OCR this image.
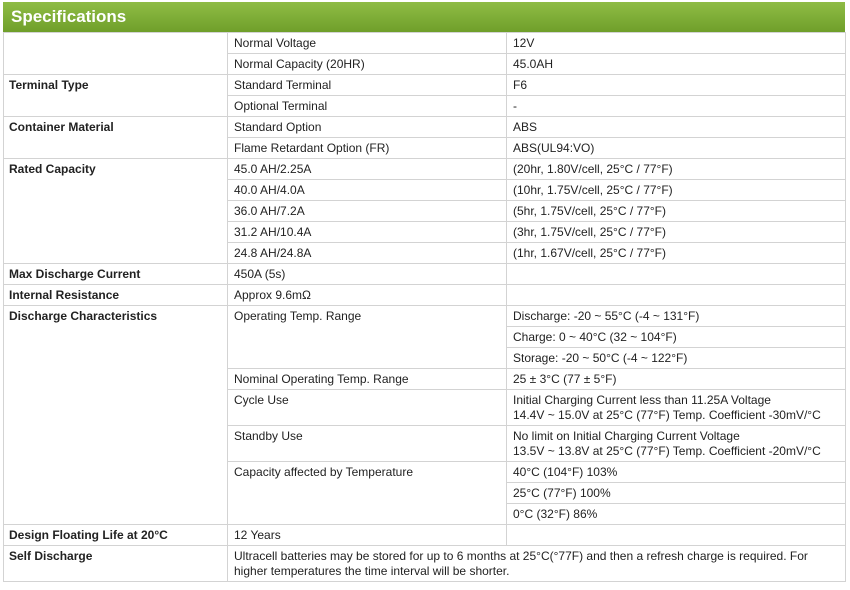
Specifications
	Normal Voltage	12V
	Normal Capacity (20HR)	45.0AH
Terminal Type	Standard Terminal	F6
	Optional Terminal	-
Container Material	Standard Option	ABS
	Flame Retardant Option (FR)	ABS(UL94:VO)
Rated Capacity	45.0 AH/2.25A	(20hr, 1.80V/cell, 25°C / 77°F)
	40.0 AH/4.0A	(10hr, 1.75V/cell, 25°C / 77°F)
	36.0 AH/7.2A	(5hr, 1.75V/cell, 25°C / 77°F)
	31.2 AH/10.4A	(3hr, 1.75V/cell, 25°C / 77°F)
	24.8 AH/24.8A	(1hr, 1.67V/cell, 25°C / 77°F)
Max Discharge Current	450A (5s)	
Internal Resistance	Approx 9.6mΩ	
Discharge Characteristics	Operating Temp. Range	Discharge: -20 ~ 55°C (-4 ~ 131°F)
		Charge: 0 ~ 40°C (32 ~ 104°F)
		Storage: -20 ~ 50°C (-4 ~ 122°F)
	Nominal Operating Temp. Range	25 ± 3°C (77 ± 5°F)
	Cycle Use	Initial Charging Current less than 11.25A Voltage
14.4V ~ 15.0V at 25°C (77°F) Temp. Coefficient -30mV/°C

	Standby Use	No limit on Initial Charging Current Voltage
13.5V ~ 13.8V at 25°C (77°F) Temp. Coefficient -20mV/°C

	Capacity affected by Temperature	40°C (104°F) 103%
		25°C (77°F) 100%
		0°C (32°F) 86%
Design Floating Life at 20°C	12 Years	
Self Discharge	Ultracell batteries may be stored for up to 6 months at 25°C(°77F) and then a refresh charge is required. For
higher temperatures the time interval will be shorter.	
